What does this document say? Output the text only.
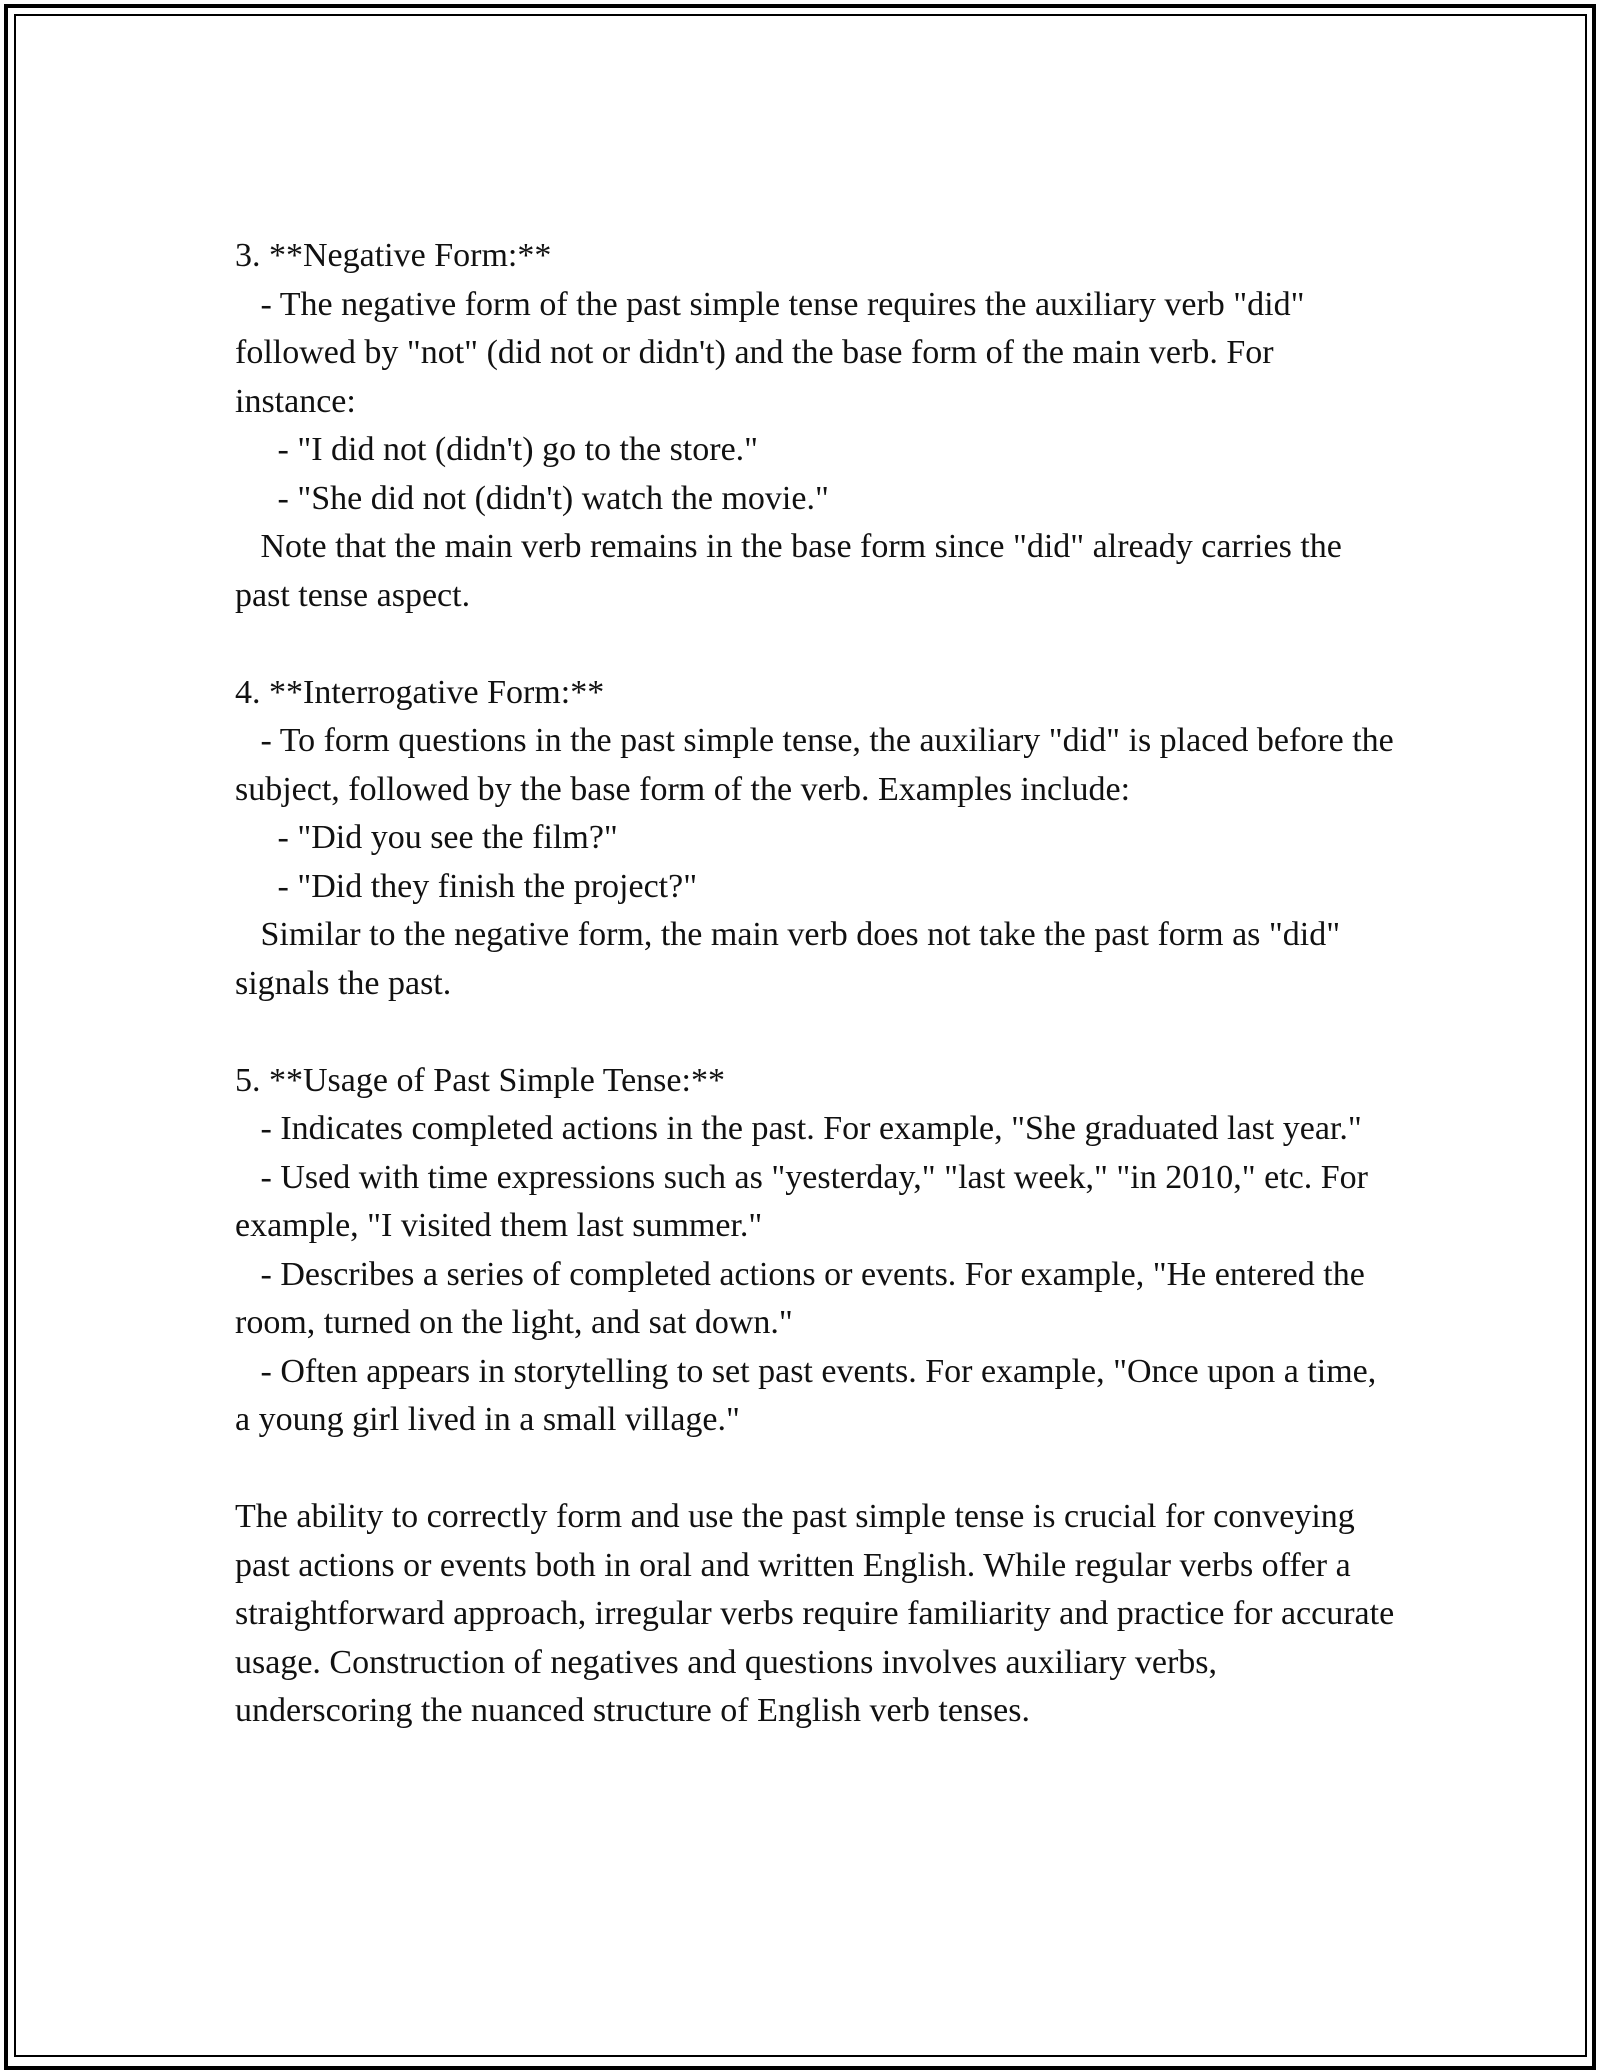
3. **Negative Form:**

- The negative form of the past simple tense requires the auxiliary verb "did" followed by "not" (did not or didn't) and the base form of the main verb. For instance:

- "I did not (didn't) go to the store."

- "She did not (didn't) watch the movie."

Note that the main verb remains in the base form since "did" already carries the past tense aspect.

4. **Interrogative Form:**

- To form questions in the past simple tense, the auxiliary "did" is placed before the subject, followed by the base form of the verb. Examples include:

- "Did you see the film?"

- "Did they finish the project?"

Similar to the negative form, the main verb does not take the past form as "did" signals the past.

5. **Usage of Past Simple Tense:**

- Indicates completed actions in the past. For example, "She graduated last year."

- Used with time expressions such as "yesterday," "last week," "in 2010," etc. For example, "I visited them last summer."

- Describes a series of completed actions or events. For example, "He entered the room, turned on the light, and sat down."

- Often appears in storytelling to set past events. For example, "Once upon a time, a young girl lived in a small village."

The ability to correctly form and use the past simple tense is crucial for conveying past actions or events both in oral and written English. While regular verbs offer a straightforward approach, irregular verbs require familiarity and practice for accurate usage. Construction of negatives and questions involves auxiliary verbs, underscoring the nuanced structure of English verb tenses.
